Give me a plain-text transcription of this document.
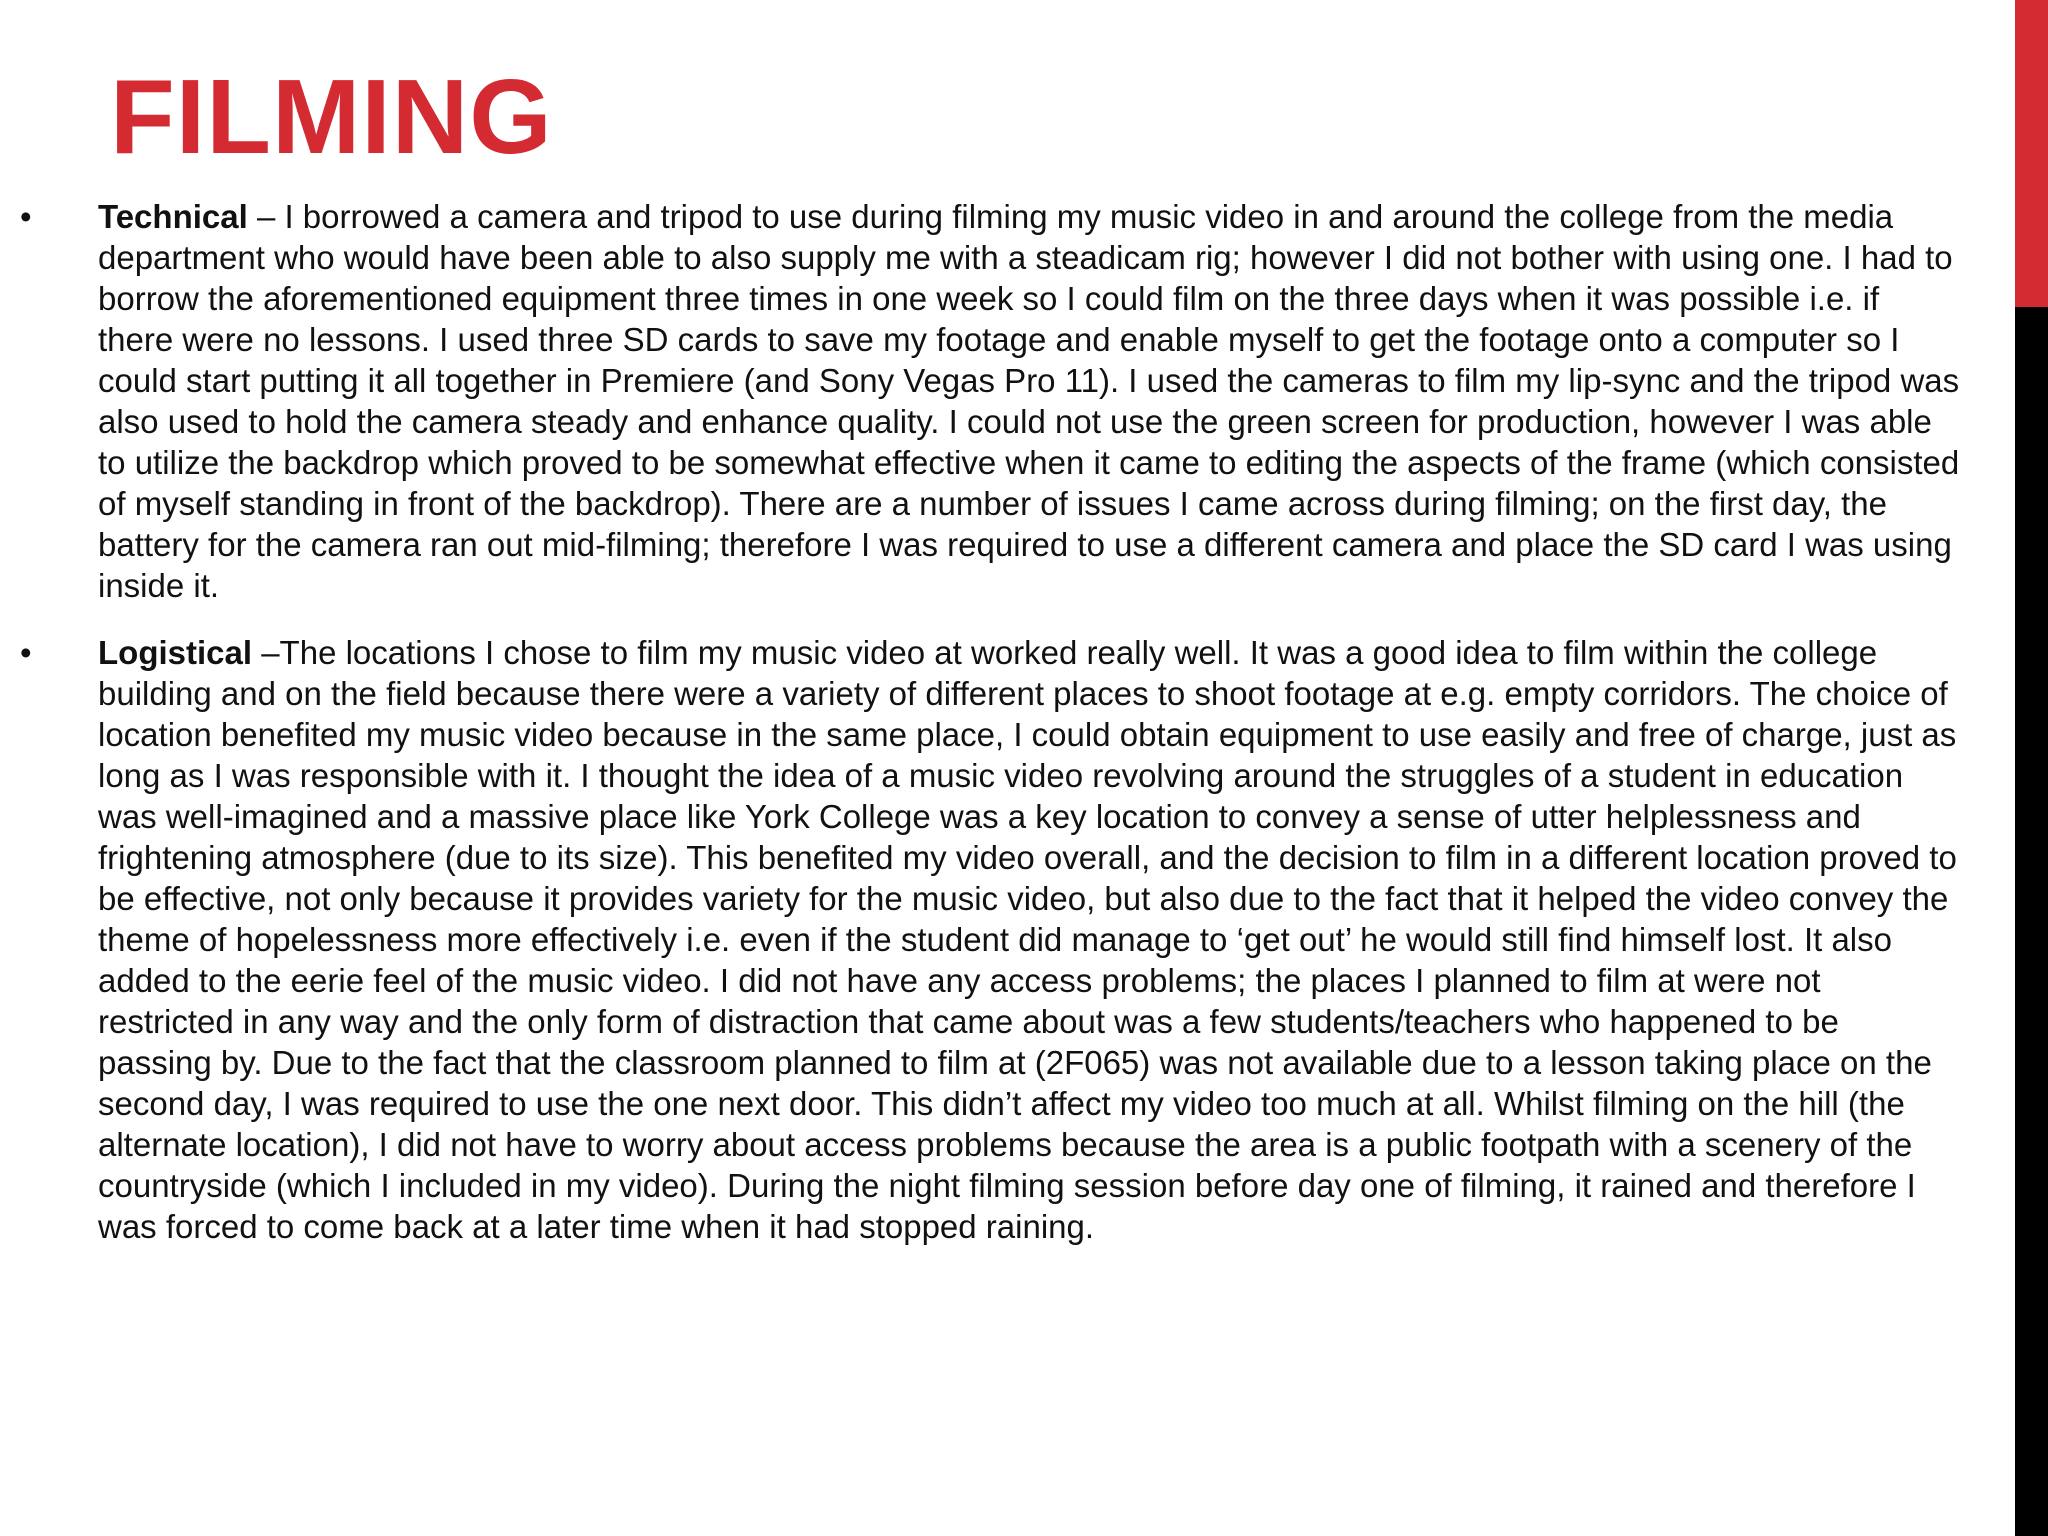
FILMING
• Technical – I borrowed a camera and tripod to use during filming my music video in and around the college from the media department who would have been able to also supply me with a steadicam rig; however I did not bother with using one. I had to borrow the aforementioned equipment three times in one week so I could film on the three days when it was possible i.e. if there were no lessons. I used three SD cards to save my footage and enable myself to get the footage onto a computer so I could start putting it all together in Premiere (and Sony Vegas Pro 11). I used the cameras to film my lip-sync and the tripod was also used to hold the camera steady and enhance quality. I could not use the green screen for production, however I was able to utilize the backdrop which proved to be somewhat effective when it came to editing the aspects of the frame (which consisted of myself standing in front of the backdrop). There are a number of issues I came across during filming; on the first day, the battery for the camera ran out mid-filming; therefore I was required to use a different camera and place the SD card I was using inside it.
• Logistical –The locations I chose to film my music video at worked really well. It was a good idea to film within the college building and on the field because there were a variety of different places to shoot footage at e.g. empty corridors. The choice of location benefited my music video because in the same place, I could obtain equipment to use easily and free of charge, just as long as I was responsible with it. I thought the idea of a music video revolving around the struggles of a student in education was well-imagined and a massive place like York College was a key location to convey a sense of utter helplessness and frightening atmosphere (due to its size). This benefited my video overall, and the decision to film in a different location proved to be effective, not only because it provides variety for the music video, but also due to the fact that it helped the video convey the theme of hopelessness more effectively i.e. even if the student did manage to ‘get out’ he would still find himself lost. It also added to the eerie feel of the music video. I did not have any access problems; the places I planned to film at were not restricted in any way and the only form of distraction that came about was a few students/teachers who happened to be passing by. Due to the fact that the classroom planned to film at (2F065) was not available due to a lesson taking place on the second day, I was required to use the one next door. This didn’t affect my video too much at all. Whilst filming on the hill (the alternate location), I did not have to worry about access problems because the area is a public footpath with a scenery of the countryside (which I included in my video). During the night filming session before day one of filming, it rained and therefore I was forced to come back at a later time when it had stopped raining.
